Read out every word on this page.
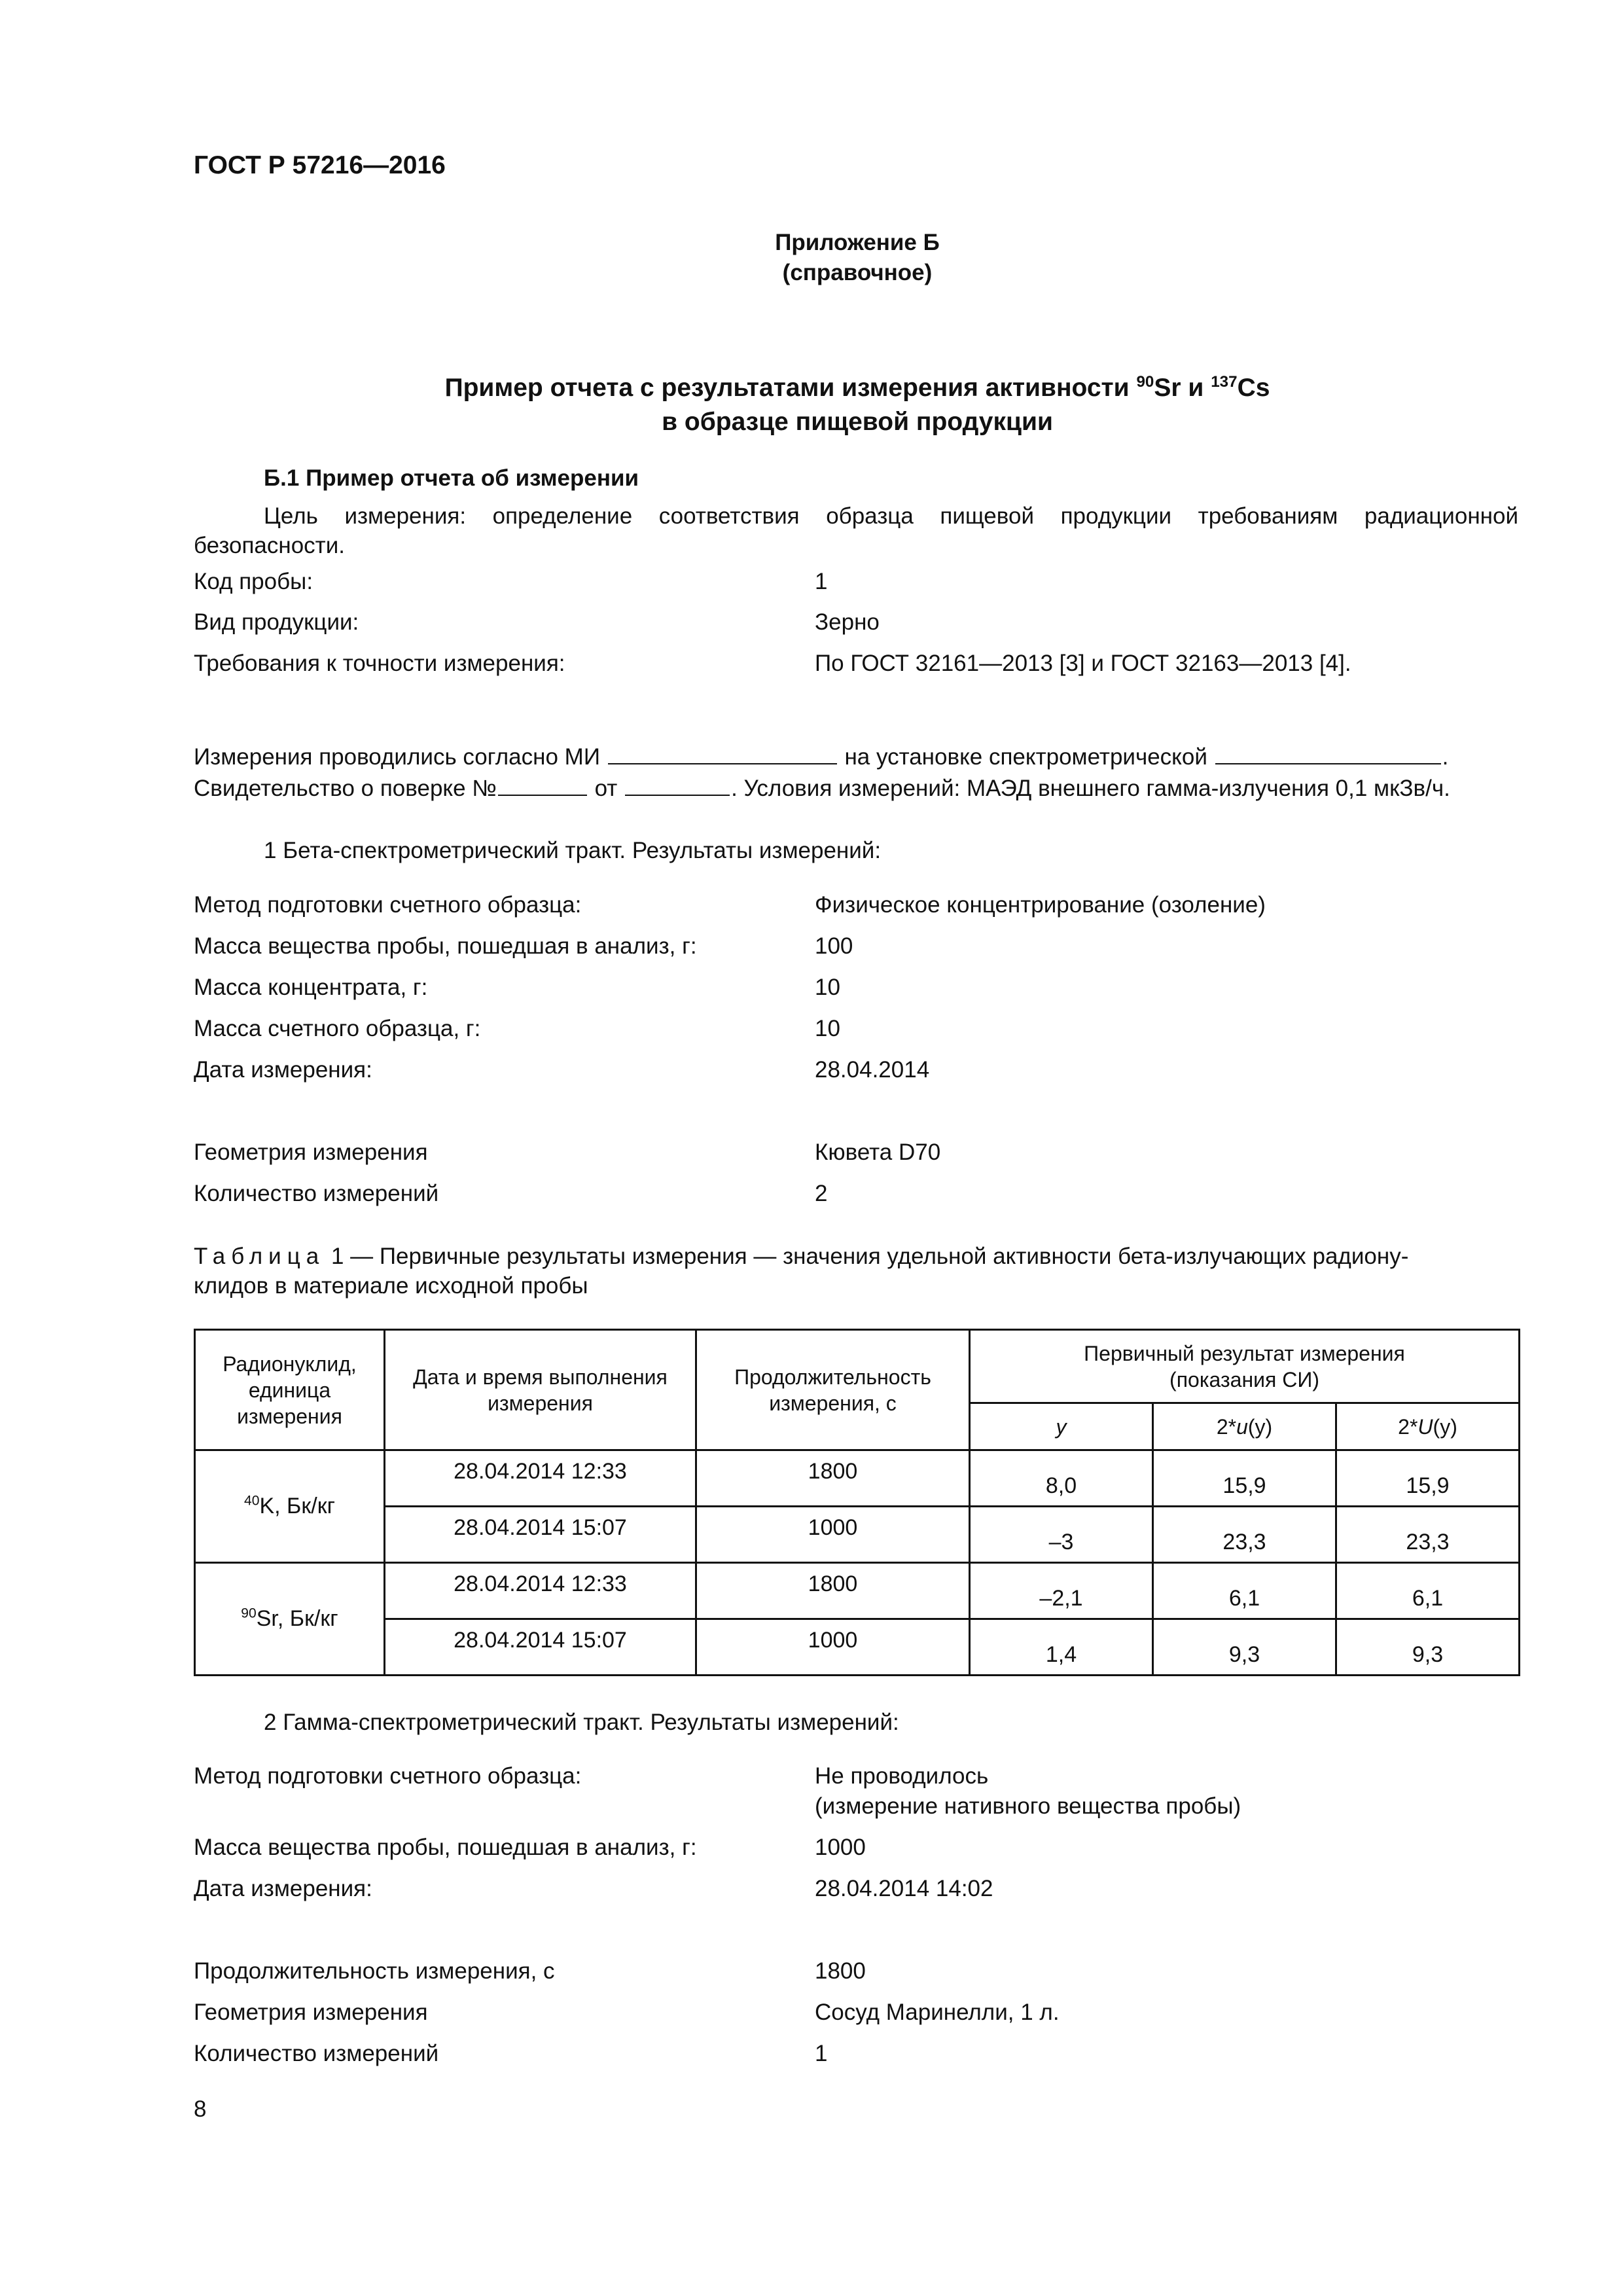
ГОСТ Р 57216—2016
Приложение Б
(справочное)
Пример отчета с результатами измерения активности $^{90}$Sr и $^{137}$Cs
в образце пищевой продукции
Б.1 Пример отчета об измерении
Цель измерения: определение соответствия образца пищевой продукции требованиям радиационной
безопасности.
Код пробы:	1
Вид продукции:	Зерно
Требования к точности измерения:	По ГОСТ 32161—2013 [3] и ГОСТ 32163—2013 [4].
Измерения проводились согласно МИ	на установке спектрометрической	.
Свидетельство о поверке №	от	. Условия измерений: МАЭД внешнего гамма-излучения 0,1 мкЗв/ч.
1 Бета-спектрометрический тракт. Результаты измерений:
Метод подготовки счетного образца:	Физическое концентрирование (озоление)
Масса вещества пробы, пошедшая в анализ, г:	100
Масса концентрата, г:	10
Масса счетного образца, г:	10
Дата измерения:	28.04.2014
Геометрия измерения	Кювета D70
Количество измерений	2
Таблица 1 — Первичные результаты измерения — значения удельной активности бета-излучающих радиону-
клидов в материале исходной пробы
Радионуклид,
единица
измерения	Дата и время выполнения
измерения	Продолжительность
измерения, с	Первичный результат измерения
(показания СИ)		
			y	2*u(y)	2*U(y)
$^{40}$K, Бк/кг	28.04.2014 12:33	1800	8,0	15,9	15,9
	28.04.2014 15:07	1000	–3	23,3	23,3
$^{90}$Sr, Бк/кг	28.04.2014 12:33	1800	–2,1	6,1	6,1
	28.04.2014 15:07	1000	1,4	9,3	9,3
2 Гамма-спектрометрический тракт. Результаты измерений:
Метод подготовки счетного образца:	Не проводилось
(измерение нативного вещества пробы)
Масса вещества пробы, пошедшая в анализ, г:	1000
Дата измерения:	28.04.2014 14:02
Продолжительность измерения, с	1800
Геометрия измерения	Сосуд Маринелли, 1 л.
Количество измерений	1
8
